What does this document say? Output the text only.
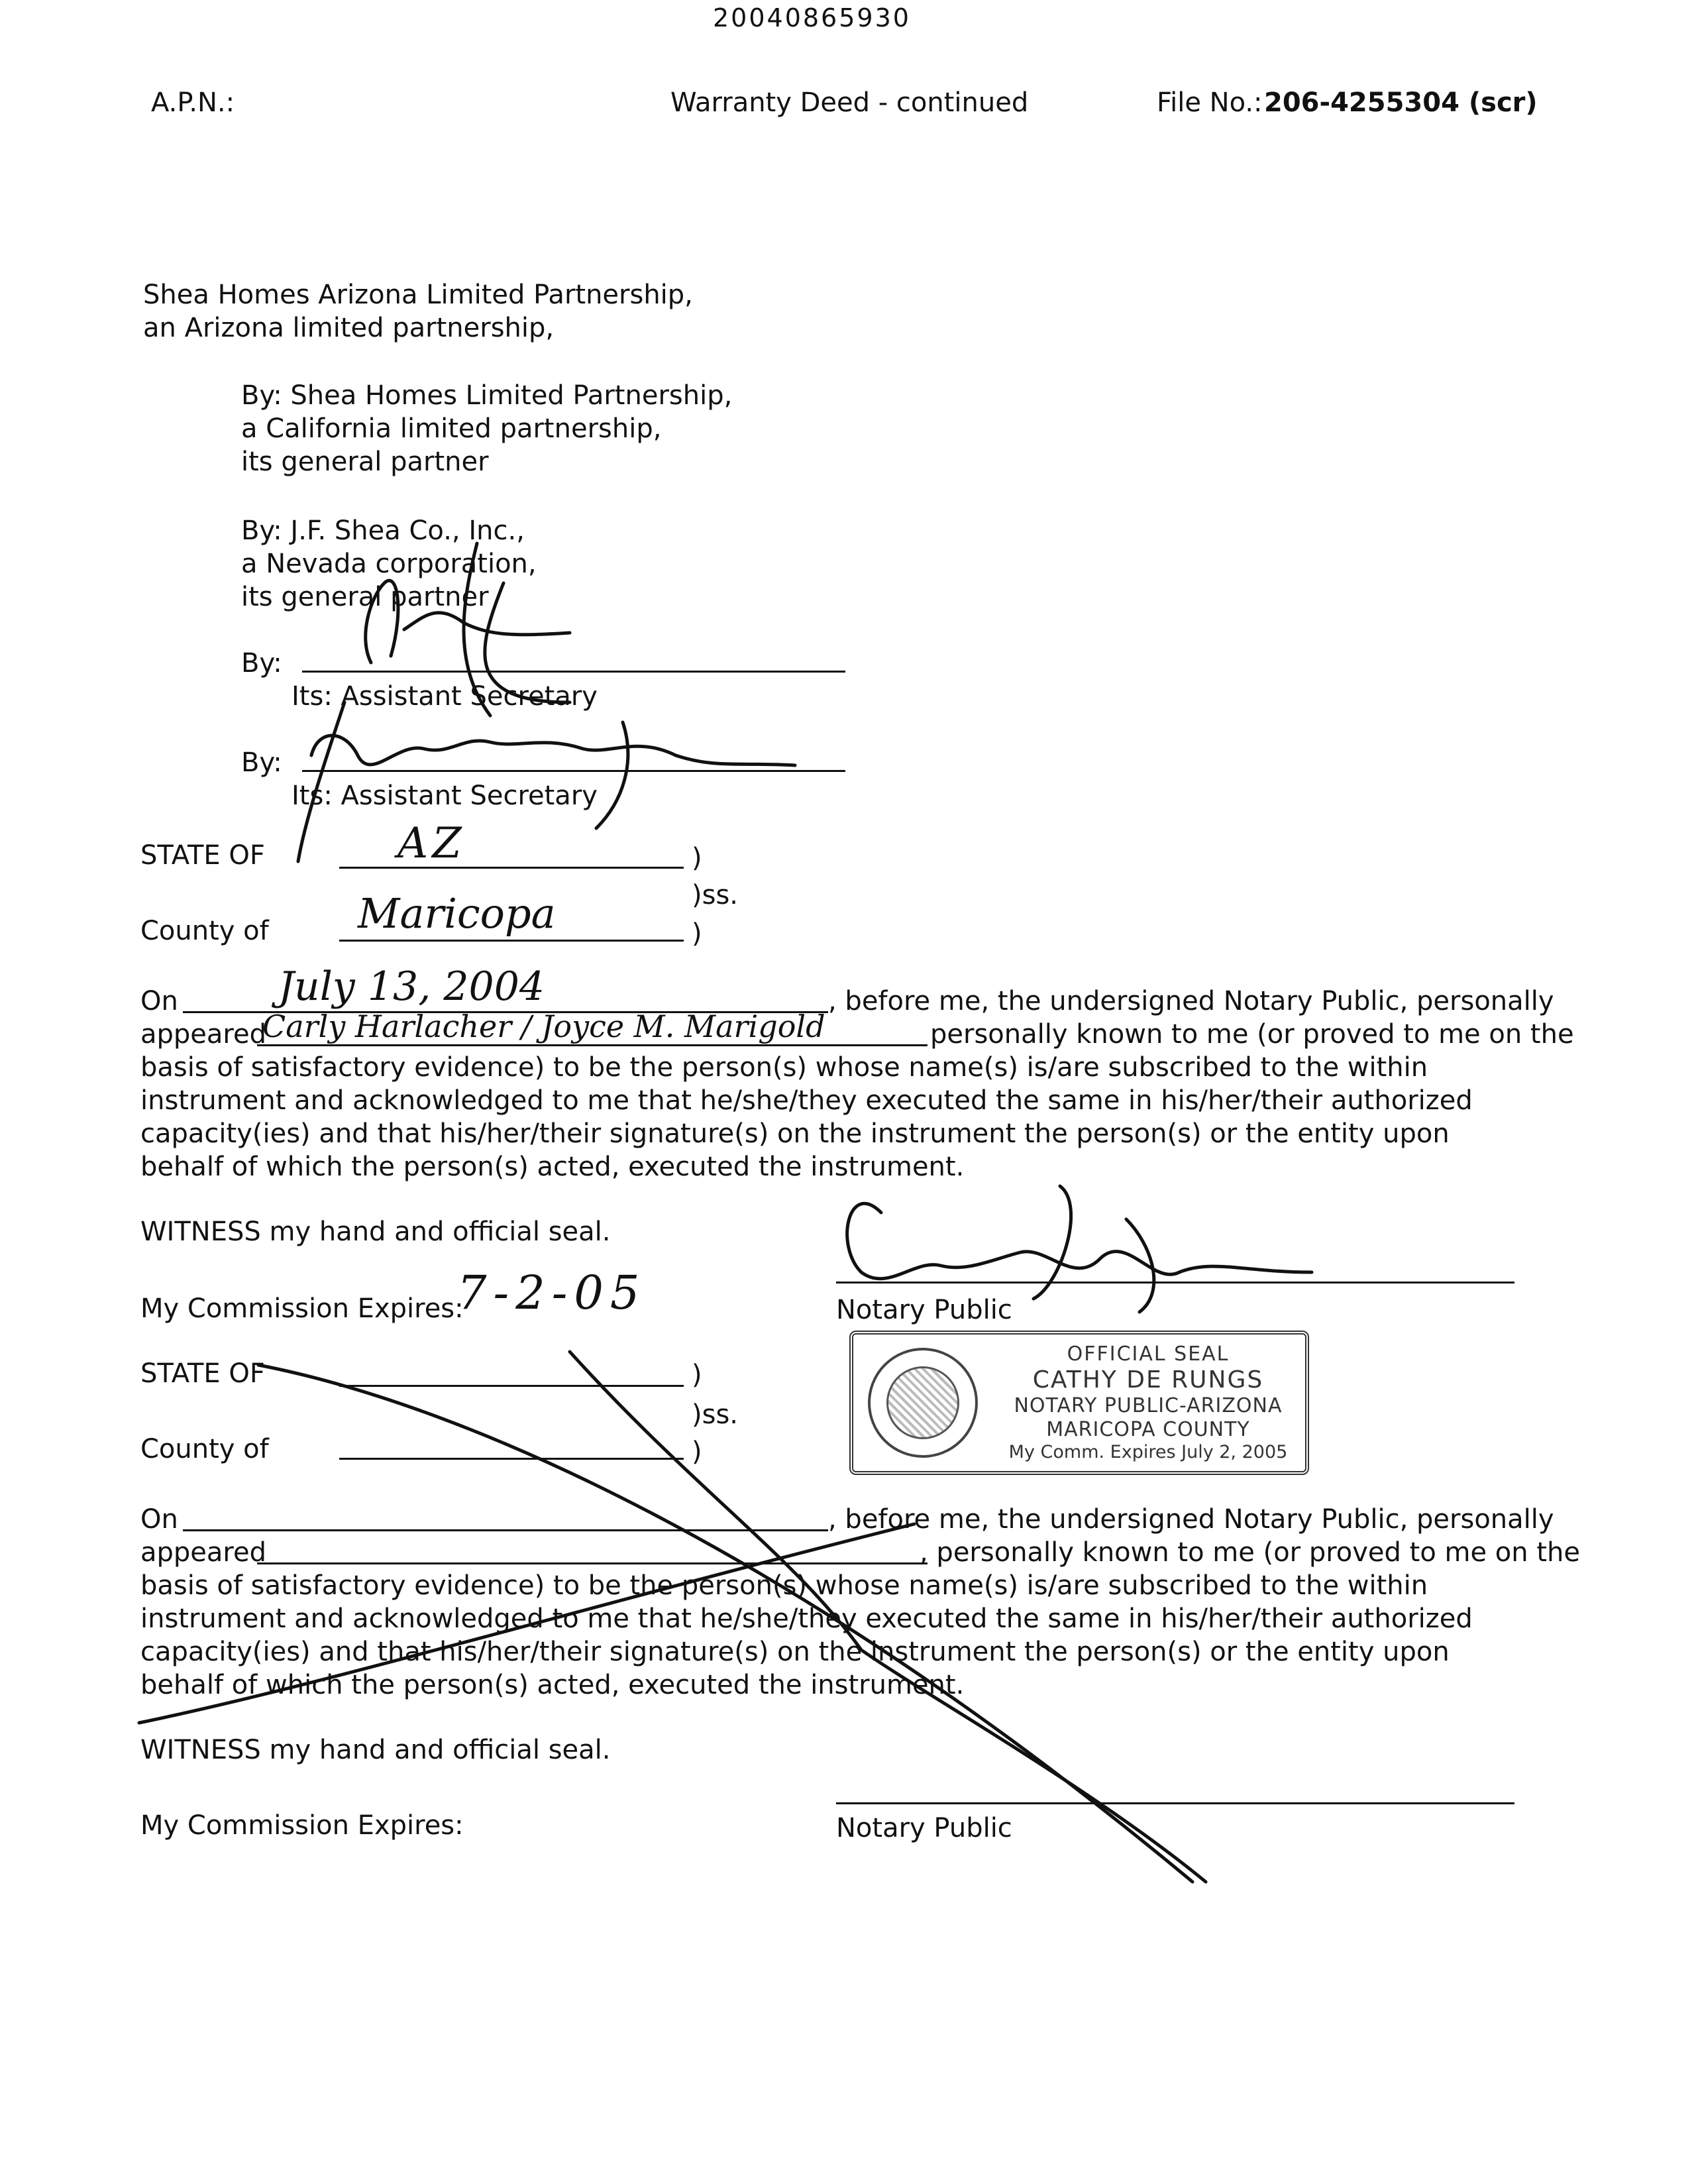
20040865930
A.P.N.:	Warranty Deed - continued	File No.: 206-4255304 (scr)
Shea Homes Arizona Limited Partnership,
an Arizona limited partnership,
By: Shea Homes Limited Partnership,
a California limited partnership,
its general partner
By: J.F. Shea Co., Inc.,
a Nevada corporation,
its general partner
By:
Its: Assistant Secretary
By:
Its: Assistant Secretary
STATE OF	AZ	)
)ss.
County of Maricopa	)
On	July 13, 2004	, before me, the undersigned Notary Public, personally
appeared
Carly Harlacher / Joyce M. Marigold	personally known to me (or proved to me on the
basis of satisfactory evidence) to be the person(s) whose name(s) is/are subscribed to the within instrument and acknowledged to me that he/she/they executed the same in his/her/their authorized capacity(ies) and that his/her/their signature(s) on the instrument the person(s) or the entity upon behalf of which the person(s) acted, executed the instrument.
WITNESS my hand and official seal.
My Commission Expires:
7-2-05	Notary Public
OFFICIAL SEAL
CATHY DE RUNGS
NOTARY PUBLIC-ARIZONA
MARICOPA COUNTY
My Comm. Expires July 2, 2005
STATE OF	)
)ss.
County of	)
On	, before me, the undersigned Notary Public, personally
appeared	, personally known to me (or proved to me on the
basis of satisfactory evidence) to be the person(s) whose name(s) is/are subscribed to the within instrument and acknowledged to me that he/she/they executed the same in his/her/their authorized capacity(ies) and that his/her/their signature(s) on the instrument the person(s) or the entity upon behalf of which the person(s) acted, executed the instrument.
WITNESS my hand and official seal.
My Commission Expires:	Notary Public
